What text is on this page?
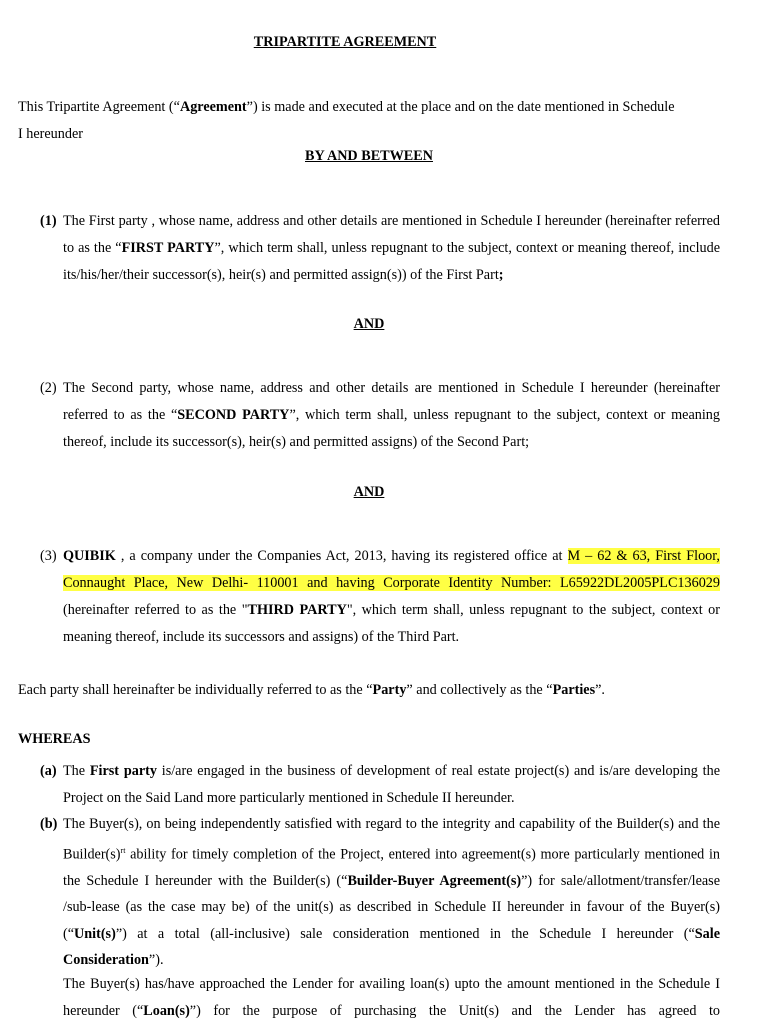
TRIPARTITE AGREEMENT
This Tripartite Agreement (“Agreement”) is made and executed at the place and on the date mentioned in Schedule I hereunder
BY AND BETWEEN
(1) The First party , whose name, address and other details are mentioned in Schedule I hereunder (hereinafter referred to as the “FIRST PARTY”, which term shall, unless repugnant to the subject, context or meaning thereof, include its/his/her/their successor(s), heir(s) and permitted assign(s)) of the First Part;
AND
(2) The Second party, whose name, address and other details are mentioned in Schedule I hereunder (hereinafter referred to as the “SECOND PARTY”, which term shall, unless repugnant to the subject, context or meaning thereof, include its successor(s), heir(s) and permitted assigns) of the Second Part;
AND
(3) QUIBIK , a company under the Companies Act, 2013, having its registered office at M – 62 & 63, First Floor, Connaught Place, New Delhi- 110001 and having Corporate Identity Number: L65922DL2005PLC136029 (hereinafter referred to as the "THIRD PARTY", which term shall, unless repugnant to the subject, context or meaning thereof, include its successors and assigns) of the Third Part.
Each party shall hereinafter be individually referred to as the “Party” and collectively as the “Parties”.
WHEREAS
(a) The First party is/are engaged in the business of development of real estate project(s) and is/are developing the Project on the Said Land more particularly mentioned in Schedule II hereunder.
(b) The Buyer(s), on being independently satisfied with regard to the integrity and capability of the Builder(s) and the $Builder(s)^{rt}$ ability for timely completion of the Project, entered into agreement(s) more particularly mentioned in the Schedule I hereunder with the Builder(s) (“Builder-Buyer Agreement(s)”) for sale/allotment/transfer/lease /sub-lease (as the case may be) of the unit(s) as described in Schedule II hereunder in favour of the Buyer(s) (“Unit(s)”) at a total (all-inclusive) sale consideration mentioned in the Schedule I hereunder (“Sale Consideration”).
The Buyer(s) has/have approached the Lender for availing loan(s) upto the amount mentioned in the Schedule I hereunder (“Loan(s)”) for the purpose of purchasing the Unit(s) and the Lender has agreed to
